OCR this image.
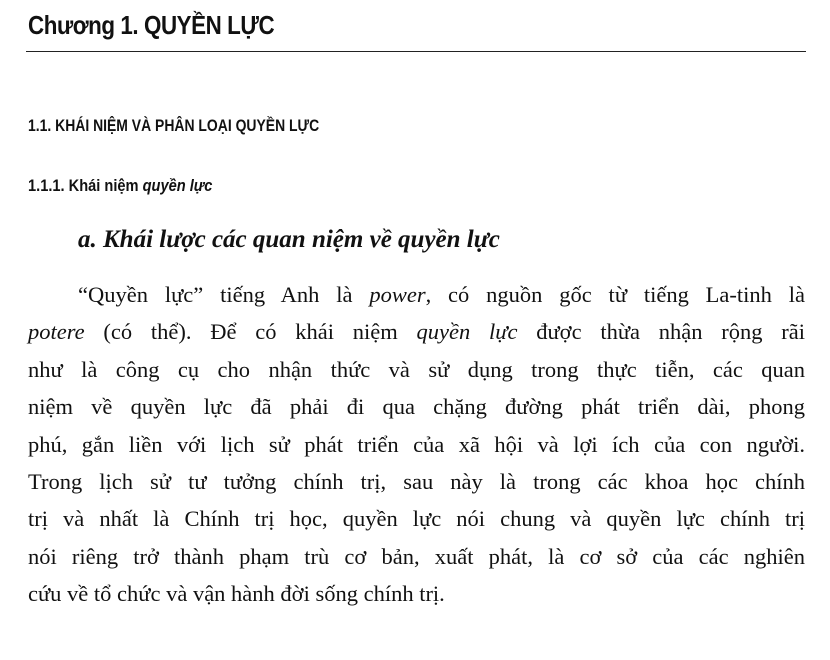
Chương 1. QUYỀN LỰC
1.1. KHÁI NIỆM VÀ PHÂN LOẠI QUYỀN LỰC
1.1.1. Khái niệm quyền lực
a. Khái lược các quan niệm về quyền lực
“Quyền lực” tiếng Anh là power, có nguồn gốc từ tiếng La-tinh là
potere (có thể). Để có khái niệm quyền lực được thừa nhận rộng rãi
như là công cụ cho nhận thức và sử dụng trong thực tiễn, các quan
niệm về quyền lực đã phải đi qua chặng đường phát triển dài, phong
phú, gắn liền với lịch sử phát triển của xã hội và lợi ích của con người.
Trong lịch sử tư tưởng chính trị, sau này là trong các khoa học chính
trị và nhất là Chính trị học, quyền lực nói chung và quyền lực chính trị
nói riêng trở thành phạm trù cơ bản, xuất phát, là cơ sở của các nghiên
cứu về tổ chức và vận hành đời sống chính trị.
